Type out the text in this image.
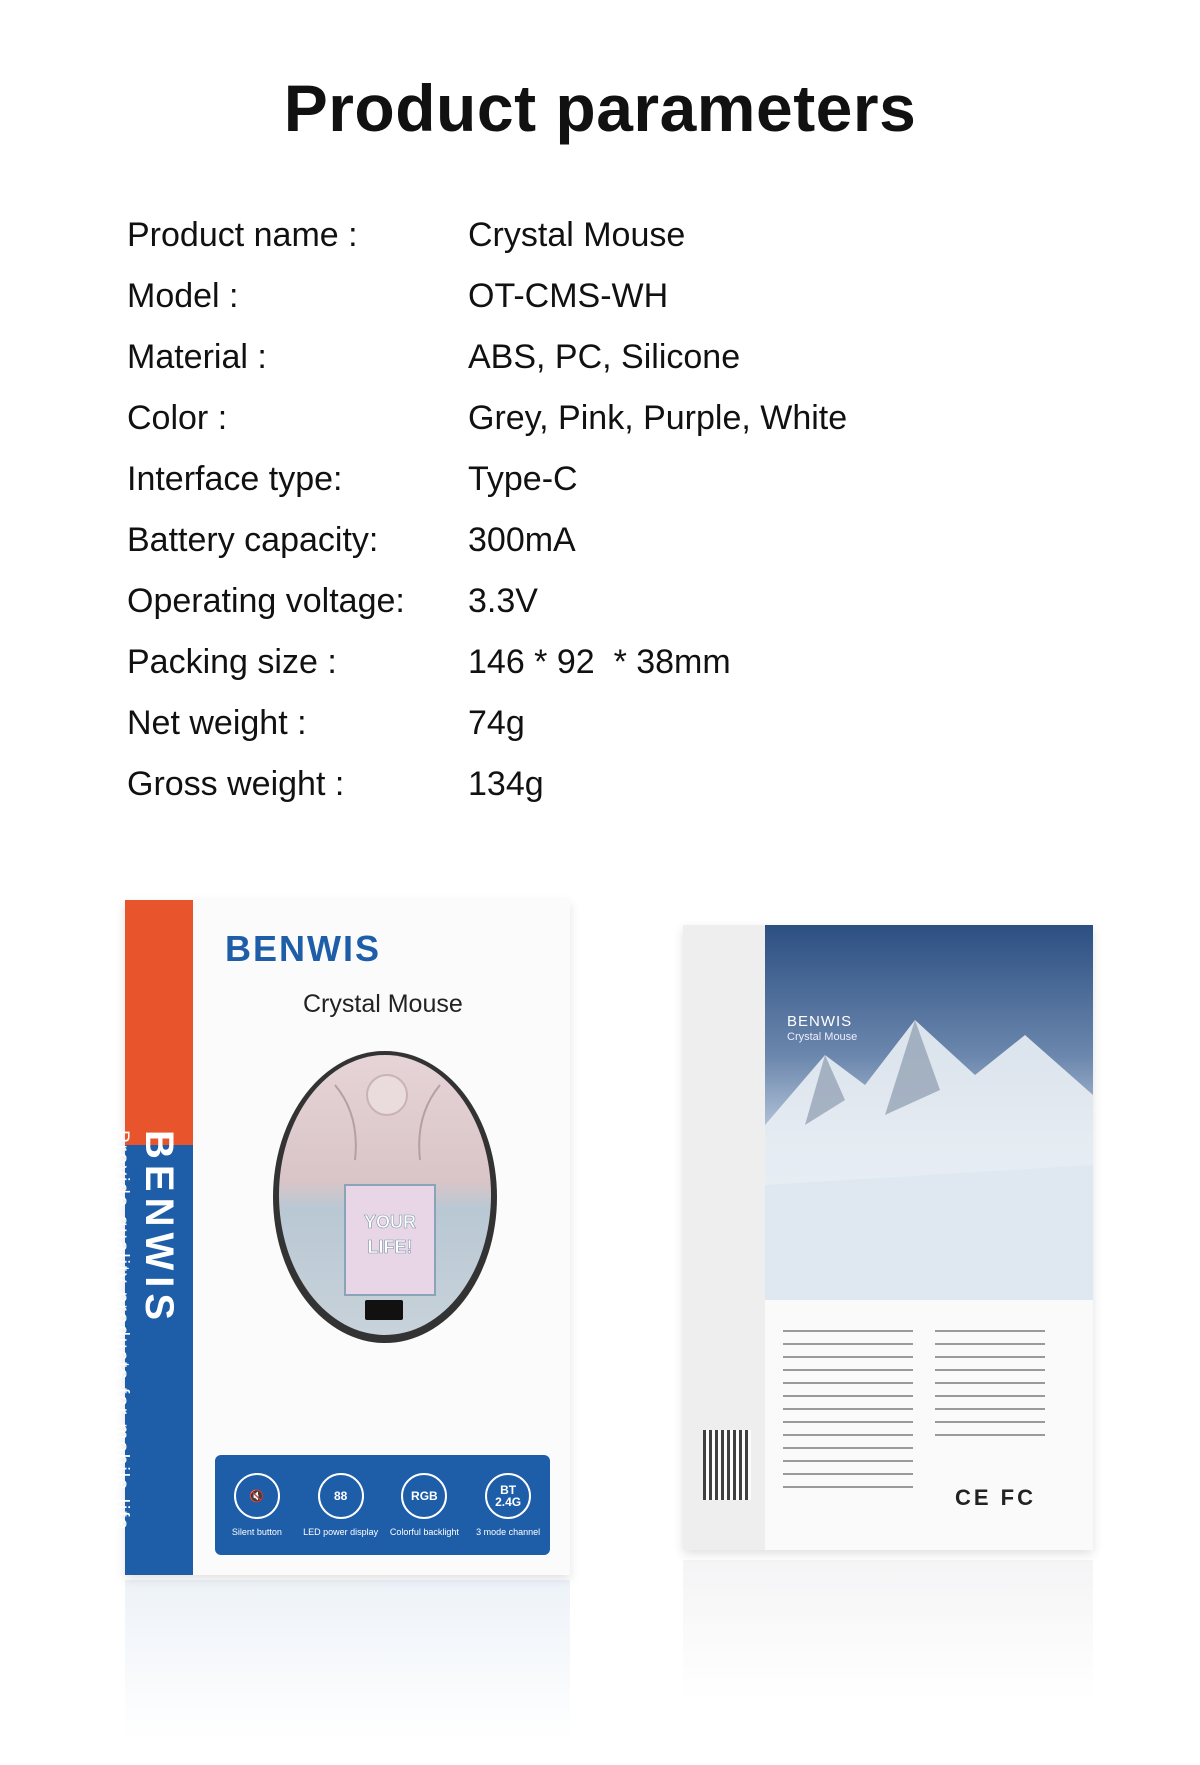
Product parameters
Product name :	Crystal Mouse
Model :	OT-CMS-WH
Material :	ABS, PC, Silicone
Color :	Grey, Pink, Purple, White
Interface type:	Type-C
Battery capacity:	300mA
Operating voltage:	3.3V
Packing size :	146 * 92  * 38mm
Net weight :	74g
Gross weight :	134g
BENWIS
Provide quality products for mobile life
BENWIS
Crystal Mouse
YOUR
LIFE!
🔇
Silent button
88
LED power display
RGB
Colorful backlight
BT 2.4G
3 mode channel
BENWIS
Crystal Mouse
CE FC
